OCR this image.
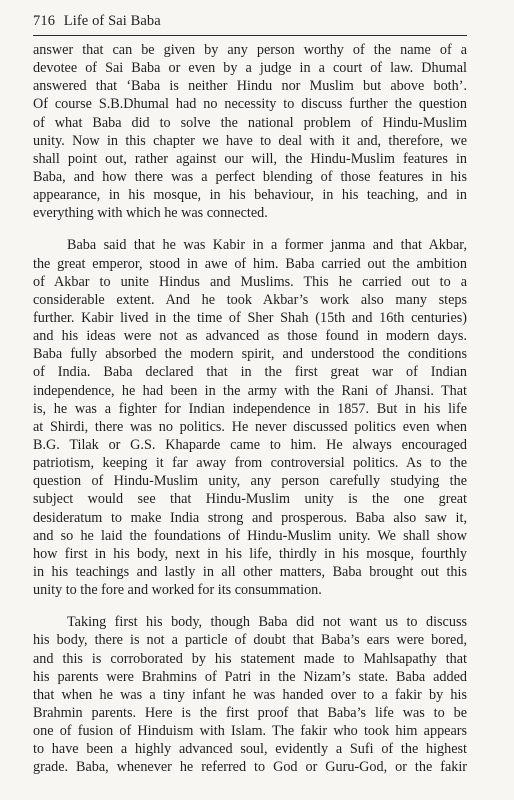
716 Life of Sai Baba
answer that can be given by any person worthy of the name of a
devotee of Sai Baba or even by a judge in a court of law. Dhumal
answered that ‘Baba is neither Hindu nor Muslim but above both’.
Of course S.B.Dhumal had no necessity to discuss further the question
of what Baba did to solve the national problem of Hindu-Muslim
unity. Now in this chapter we have to deal with it and, therefore, we
shall point out, rather against our will, the Hindu-Muslim features in
Baba, and how there was a perfect blending of those features in his
appearance, in his mosque, in his behaviour, in his teaching, and in
everything with which he was connected.
Baba said that he was Kabir in a former janma and that Akbar,
the great emperor, stood in awe of him. Baba carried out the ambition
of Akbar to unite Hindus and Muslims. This he carried out to a
considerable extent. And he took Akbar’s work also many steps
further. Kabir lived in the time of Sher Shah (15th and 16th centuries)
and his ideas were not as advanced as those found in modern days.
Baba fully absorbed the modern spirit, and understood the conditions
of India. Baba declared that in the first great war of Indian
independence, he had been in the army with the Rani of Jhansi. That
is, he was a fighter for Indian independence in 1857. But in his life
at Shirdi, there was no politics. He never discussed politics even when
B.G. Tilak or G.S. Khaparde came to him. He always encouraged
patriotism, keeping it far away from controversial politics. As to the
question of Hindu-Muslim unity, any person carefully studying the
subject would see that Hindu-Muslim unity is the one great
desideratum to make India strong and prosperous. Baba also saw it,
and so he laid the foundations of Hindu-Muslim unity. We shall show
how first in his body, next in his life, thirdly in his mosque, fourthly
in his teachings and lastly in all other matters, Baba brought out this
unity to the fore and worked for its consummation.
Taking first his body, though Baba did not want us to discuss
his body, there is not a particle of doubt that Baba’s ears were bored,
and this is corroborated by his statement made to Mahlsapathy that
his parents were Brahmins of Patri in the Nizam’s state. Baba added
that when he was a tiny infant he was handed over to a fakir by his
Brahmin parents. Here is the first proof that Baba’s life was to be
one of fusion of Hinduism with Islam. The fakir who took him appears
to have been a highly advanced soul, evidently a Sufi of the highest
grade. Baba, whenever he referred to God or Guru-God, or the fakir
